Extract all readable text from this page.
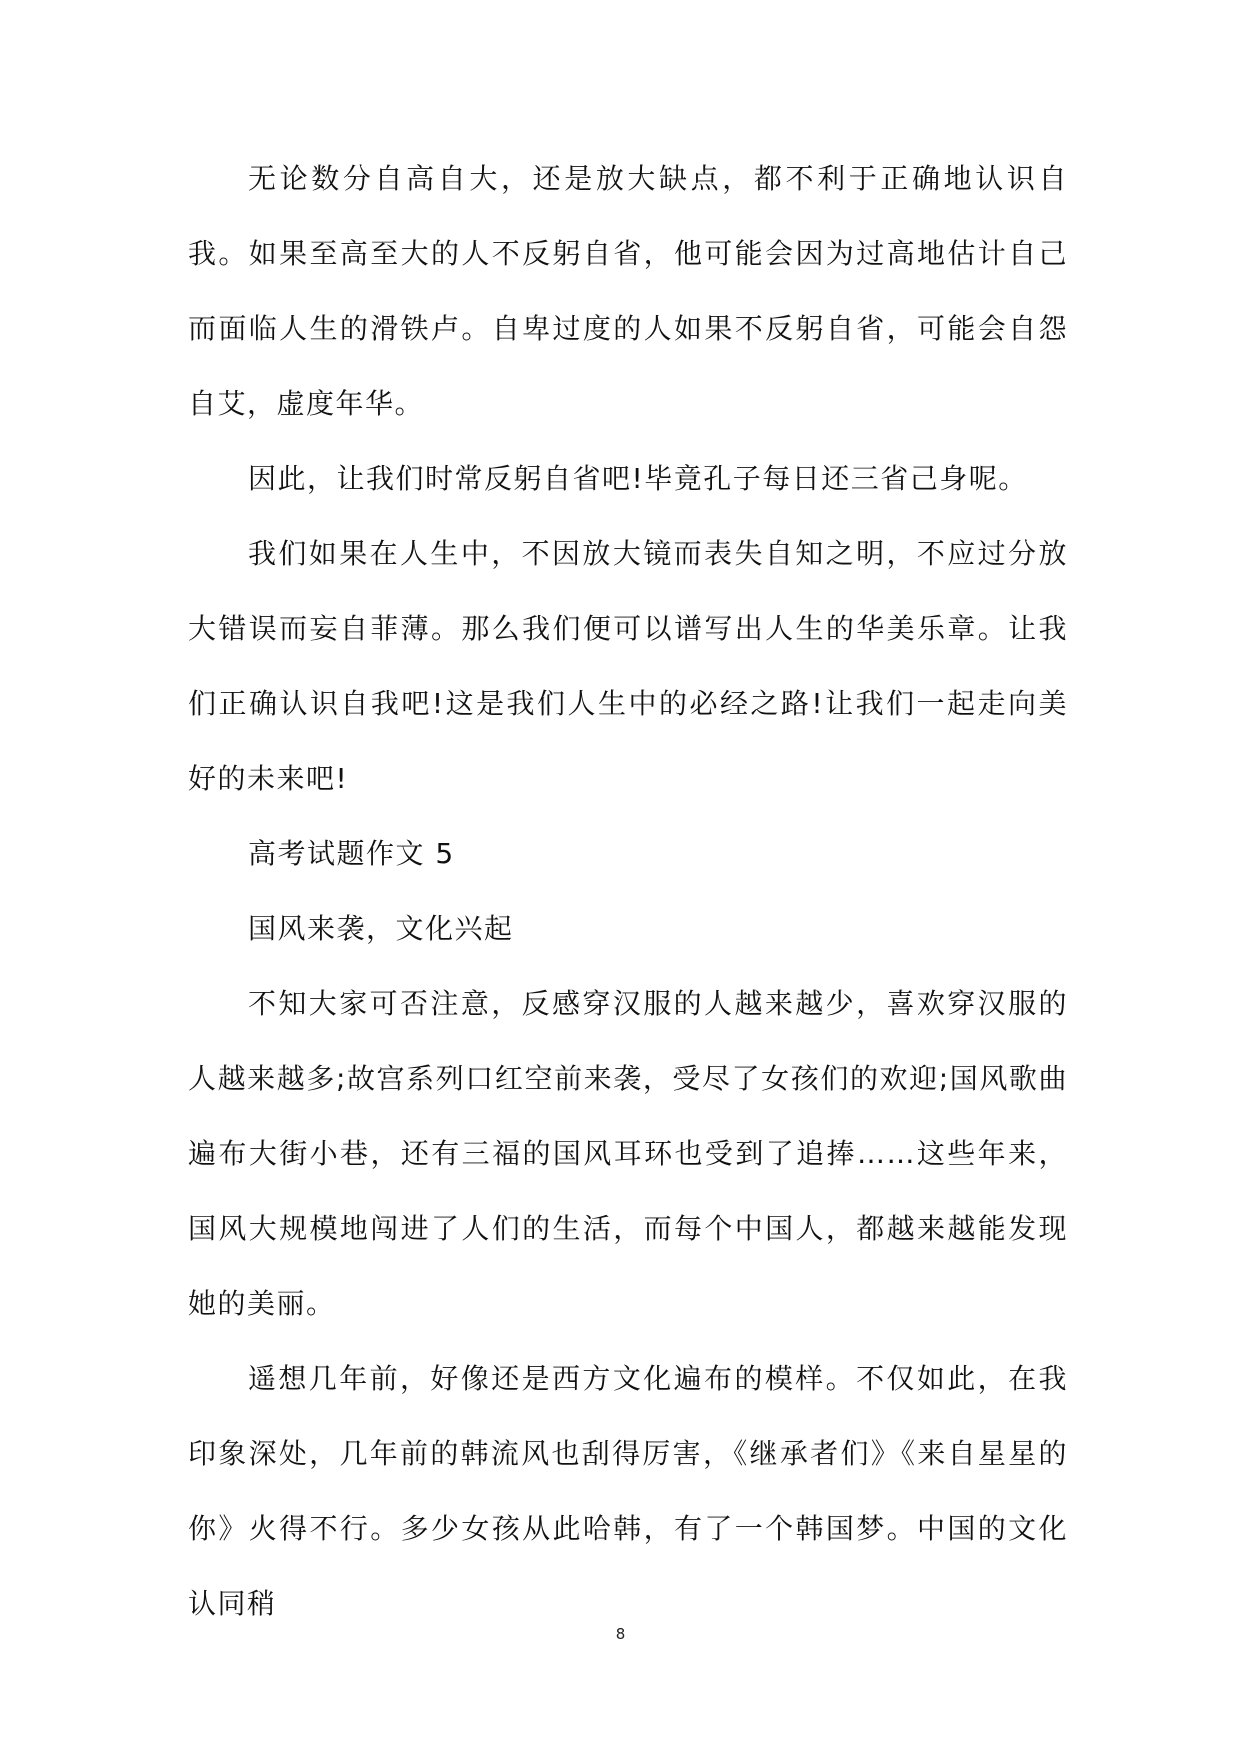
无论数分自高自大，还是放大缺点，都不利于正确地认识自我。如果至高至大的人不反躬自省，他可能会因为过高地估计自己而面临人生的滑铁卢。自卑过度的人如果不反躬自省，可能会自怨自艾，虚度年华。

因此，让我们时常反躬自省吧!毕竟孔子每日还三省己身呢。

我们如果在人生中，不因放大镜而表失自知之明，不应过分放大错误而妄自菲薄。那么我们便可以谱写出人生的华美乐章。让我们正确认识自我吧!这是我们人生中的必经之路!让我们一起走向美好的未来吧!

高考试题作文 5

国风来袭，文化兴起

不知大家可否注意，反感穿汉服的人越来越少，喜欢穿汉服的人越来越多;故宫系列口红空前来袭，受尽了女孩们的欢迎;国风歌曲遍布大街小巷，还有三福的国风耳环也受到了追捧……这些年来，国风大规模地闯进了人们的生活，而每个中国人，都越来越能发现她的美丽。

遥想几年前，好像还是西方文化遍布的模样。不仅如此，在我印象深处，几年前的韩流风也刮得厉害，《继承者们》《来自星星的你》火得不行。多少女孩从此哈韩，有了一个韩国梦。中国的文化认同稍

8
